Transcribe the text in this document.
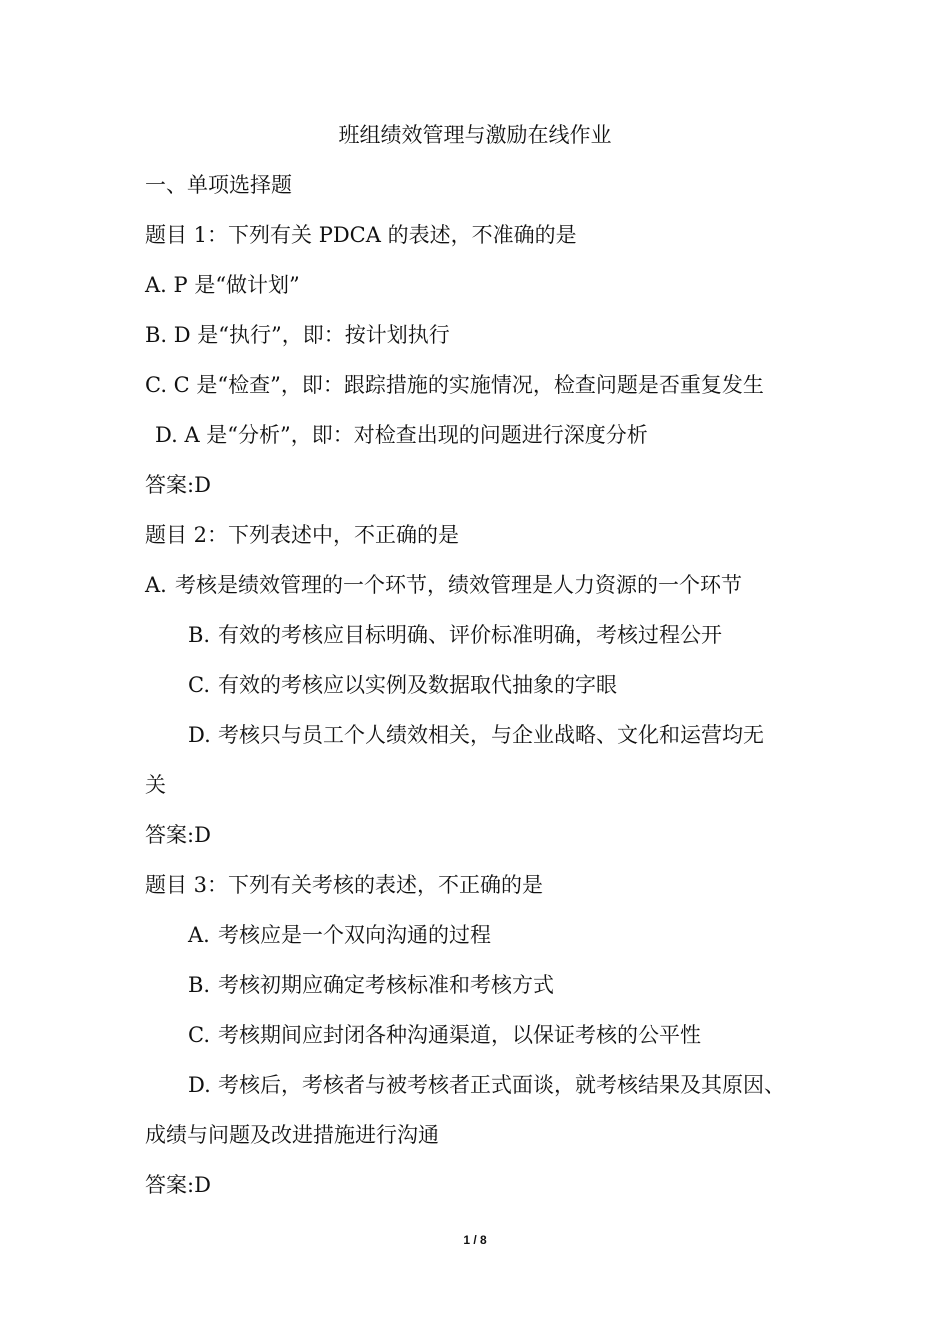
班组绩效管理与激励在线作业
一、单项选择题
题目 1：下列有关 PDCA 的表述，不准确的是
A. P 是“做计划”
B. D 是“执行”，即：按计划执行
C. C 是“检查”，即：跟踪措施的实施情况，检查问题是否重复发生
D. A 是“分析”，即：对检查出现的问题进行深度分析
答案:D
题目 2：下列表述中，不正确的是
A. 考核是绩效管理的一个环节，绩效管理是人力资源的一个环节
B. 有效的考核应目标明确、评价标准明确，考核过程公开
C. 有效的考核应以实例及数据取代抽象的字眼
D. 考核只与员工个人绩效相关，与企业战略、文化和运营均无
关
答案:D
题目 3：下列有关考核的表述，不正确的是
A. 考核应是一个双向沟通的过程
B. 考核初期应确定考核标准和考核方式
C. 考核期间应封闭各种沟通渠道，以保证考核的公平性
D. 考核后，考核者与被考核者正式面谈，就考核结果及其原因、
成绩与问题及改进措施进行沟通
答案:D
1 / 8
